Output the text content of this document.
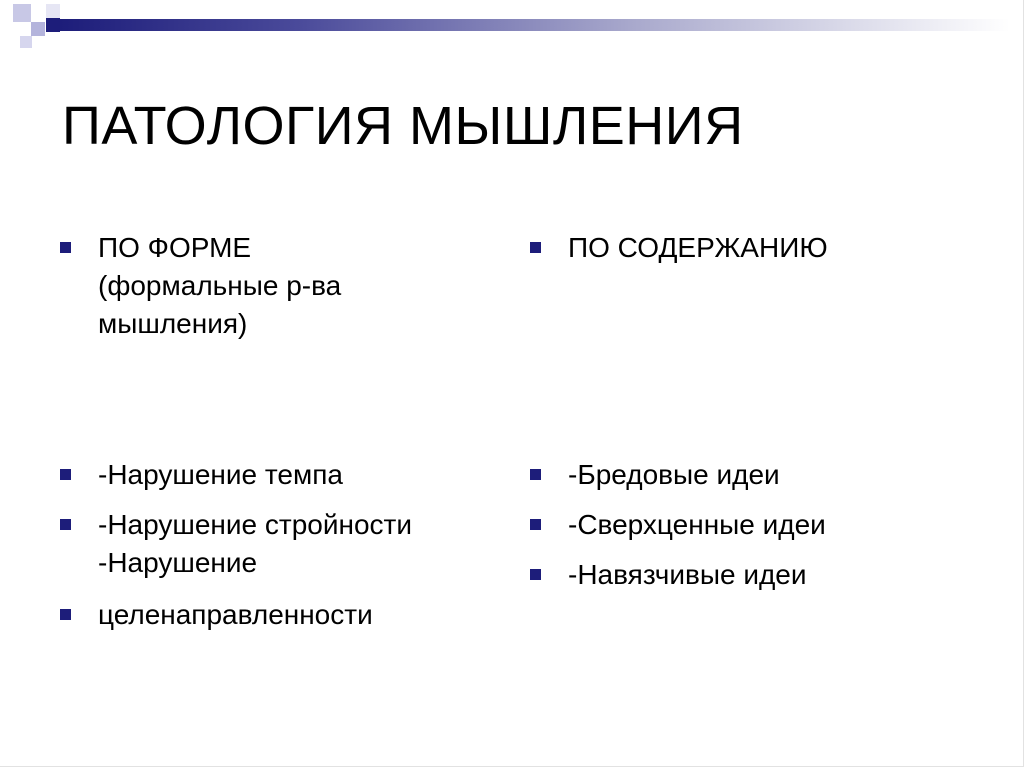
ПАТОЛОГИЯ МЫШЛЕНИЯ
ПО ФОРМЕ
(формальные р-ва
мышления)
-Нарушение темпа
-Нарушение стройности
-Нарушение
целенаправленности
ПО СОДЕРЖАНИЮ
-Бредовые идеи
-Сверхценные идеи
-Навязчивые идеи
